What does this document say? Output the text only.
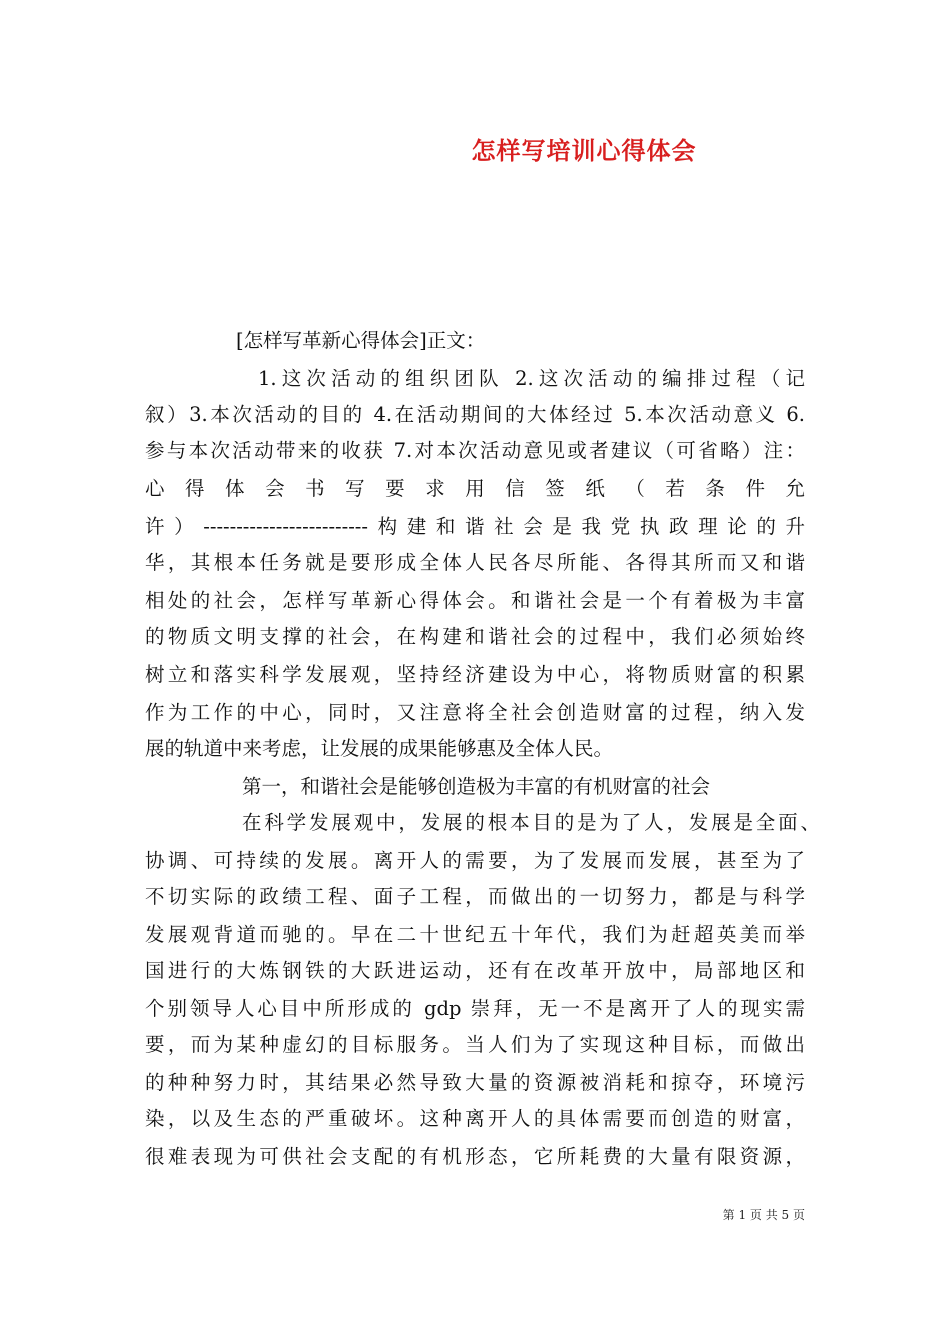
怎样写培训心得体会
[怎样写革新心得体会]正文：
1.这次活动的组织团队 2.这次活动的编排过程（记
叙）3.本次活动的目的 4.在活动期间的大体经过 5.本次活动意义 6.
参与本次活动带来的收获 7.对本次活动意见或者建议（可省略）注：
心得体会书写要求用信签纸（若条件允
许）-------------------------构建和谐社会是我党执政理论的升
华，其根本任务就是要形成全体人民各尽所能、各得其所而又和谐
相处的社会，怎样写革新心得体会。和谐社会是一个有着极为丰富
的物质文明支撑的社会，在构建和谐社会的过程中，我们必须始终
树立和落实科学发展观，坚持经济建设为中心，将物质财富的积累
作为工作的中心，同时，又注意将全社会创造财富的过程，纳入发
展的轨道中来考虑，让发展的成果能够惠及全体人民。
第一，和谐社会是能够创造极为丰富的有机财富的社会
在科学发展观中，发展的根本目的是为了人，发展是全面、
协调、可持续的发展。离开人的需要，为了发展而发展，甚至为了
不切实际的政绩工程、面子工程，而做出的一切努力，都是与科学
发展观背道而驰的。早在二十世纪五十年代，我们为赶超英美而举
国进行的大炼钢铁的大跃进运动，还有在改革开放中，局部地区和
个别领导人心目中所形成的 gdp 崇拜，无一不是离开了人的现实需
要，而为某种虚幻的目标服务。当人们为了实现这种目标，而做出
的种种努力时，其结果必然导致大量的资源被消耗和掠夺，环境污
染，以及生态的严重破坏。这种离开人的具体需要而创造的财富，
很难表现为可供社会支配的有机形态，它所耗费的大量有限资源，
第 1 页 共 5 页
